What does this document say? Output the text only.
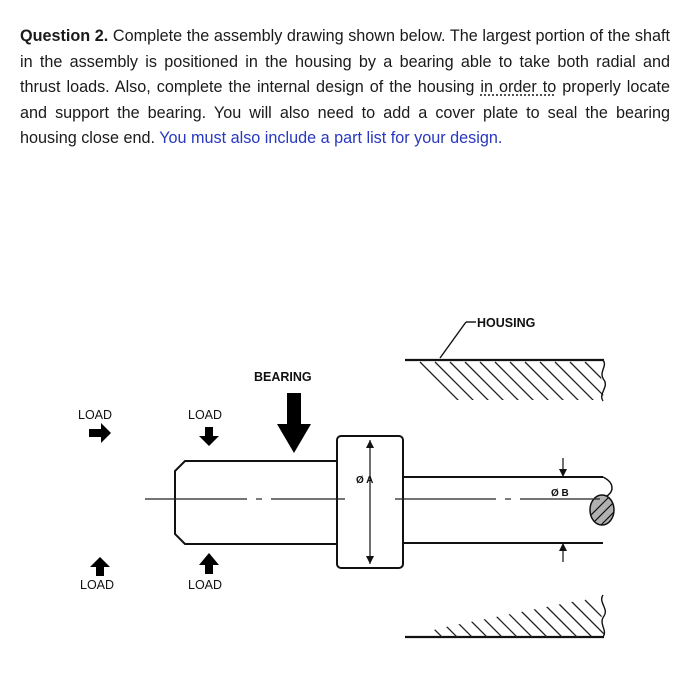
Question 2. Complete the assembly drawing shown below. The largest portion of the shaft in the assembly is positioned in the housing by a bearing able to take both radial and thrust loads. Also, complete the internal design of the housing in order to properly locate and support the bearing. You will also need to add a cover plate to seal the bearing housing close end. You must also include a part list for your design.
HOUSING
BEARING
LOAD	LOAD
LOAD	LOAD
Ø A
Ø B
